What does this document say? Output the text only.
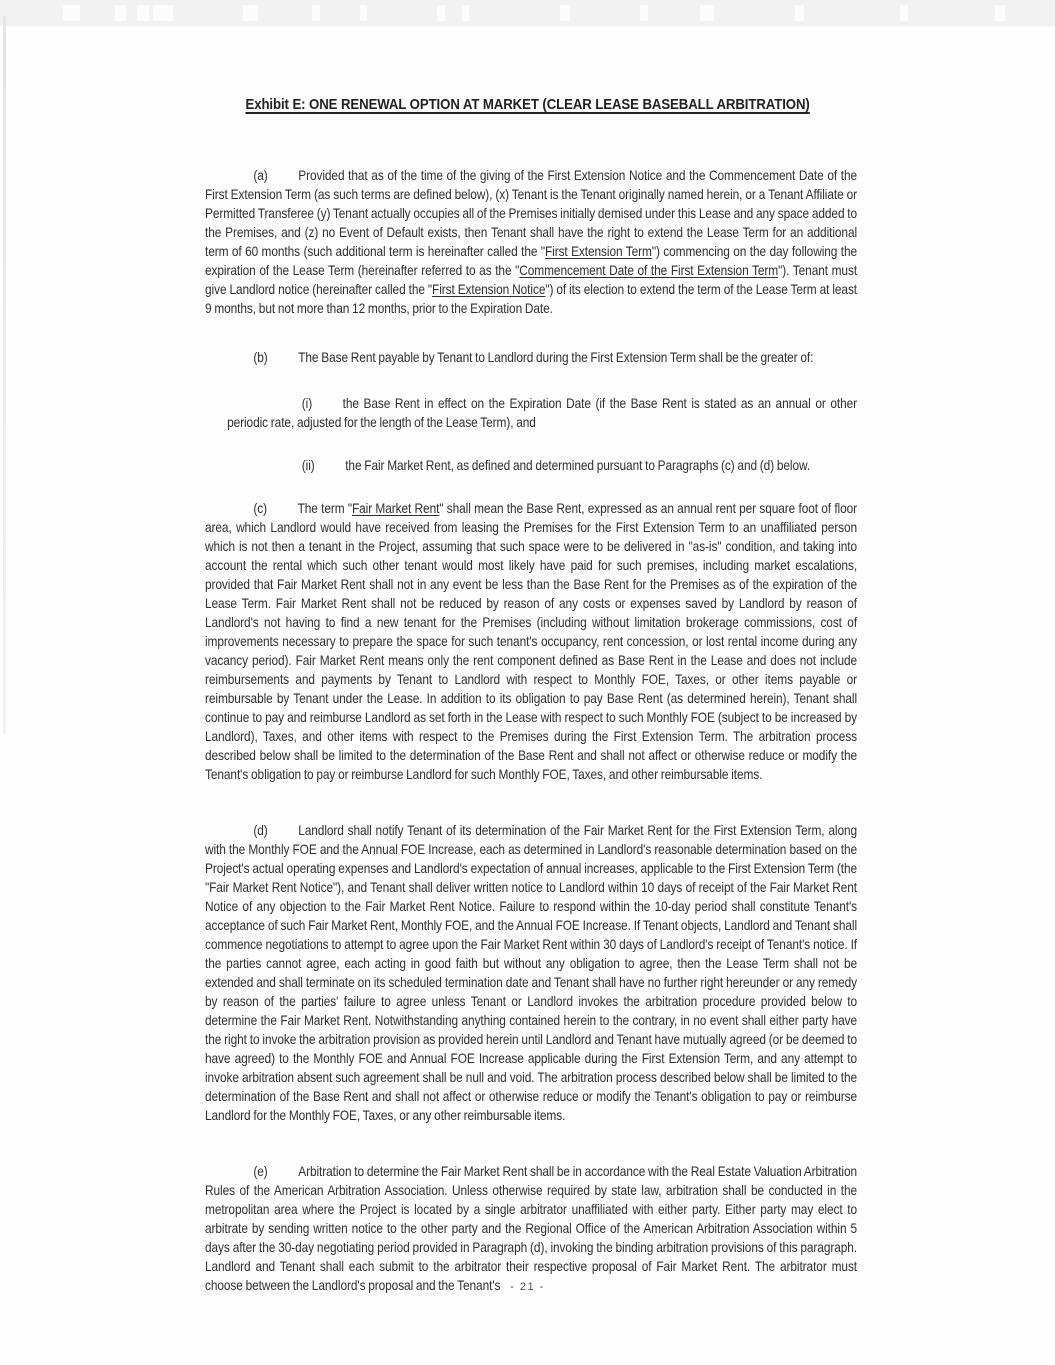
Exhibit E: ONE RENEWAL OPTION AT MARKET (CLEAR LEASE BASEBALL ARBITRATION)

(a) Provided that as of the time of the giving of the First Extension Notice and the Commencement Date of the First Extension Term (as such terms are defined below), (x) Tenant is the Tenant originally named herein, or a Tenant Affiliate or Permitted Transferee (y) Tenant actually occupies all of the Premises initially demised under this Lease and any space added to the Premises, and (z) no Event of Default exists, then Tenant shall have the right to extend the Lease Term for an additional term of 60 months (such additional term is hereinafter called the "First Extension Term") commencing on the day following the expiration of the Lease Term (hereinafter referred to as the "Commencement Date of the First Extension Term"). Tenant must give Landlord notice (hereinafter called the "First Extension Notice") of its election to extend the term of the Lease Term at least 9 months, but not more than 12 months, prior to the Expiration Date.

(b) The Base Rent payable by Tenant to Landlord during the First Extension Term shall be the greater of:

(i) the Base Rent in effect on the Expiration Date (if the Base Rent is stated as an annual or other periodic rate, adjusted for the length of the Lease Term), and

(ii) the Fair Market Rent, as defined and determined pursuant to Paragraphs (c) and (d) below.

(c) The term "Fair Market Rent" shall mean the Base Rent, expressed as an annual rent per square foot of floor area, which Landlord would have received from leasing the Premises for the First Extension Term to an unaffiliated person which is not then a tenant in the Project, assuming that such space were to be delivered in "as-is" condition, and taking into account the rental which such other tenant would most likely have paid for such premises, including market escalations, provided that Fair Market Rent shall not in any event be less than the Base Rent for the Premises as of the expiration of the Lease Term. Fair Market Rent shall not be reduced by reason of any costs or expenses saved by Landlord by reason of Landlord's not having to find a new tenant for the Premises (including without limitation brokerage commissions, cost of improvements necessary to prepare the space for such tenant's occupancy, rent concession, or lost rental income during any vacancy period). Fair Market Rent means only the rent component defined as Base Rent in the Lease and does not include reimbursements and payments by Tenant to Landlord with respect to Monthly FOE, Taxes, or other items payable or reimbursable by Tenant under the Lease. In addition to its obligation to pay Base Rent (as determined herein), Tenant shall continue to pay and reimburse Landlord as set forth in the Lease with respect to such Monthly FOE (subject to be increased by Landlord), Taxes, and other items with respect to the Premises during the First Extension Term. The arbitration process described below shall be limited to the determination of the Base Rent and shall not affect or otherwise reduce or modify the Tenant's obligation to pay or reimburse Landlord for such Monthly FOE, Taxes, and other reimbursable items.

(d) Landlord shall notify Tenant of its determination of the Fair Market Rent for the First Extension Term, along with the Monthly FOE and the Annual FOE Increase, each as determined in Landlord's reasonable determination based on the Project's actual operating expenses and Landlord's expectation of annual increases, applicable to the First Extension Term (the "Fair Market Rent Notice"), and Tenant shall deliver written notice to Landlord within 10 days of receipt of the Fair Market Rent Notice of any objection to the Fair Market Rent Notice. Failure to respond within the 10-day period shall constitute Tenant's acceptance of such Fair Market Rent, Monthly FOE, and the Annual FOE Increase. If Tenant objects, Landlord and Tenant shall commence negotiations to attempt to agree upon the Fair Market Rent within 30 days of Landlord's receipt of Tenant's notice. If the parties cannot agree, each acting in good faith but without any obligation to agree, then the Lease Term shall not be extended and shall terminate on its scheduled termination date and Tenant shall have no further right hereunder or any remedy by reason of the parties' failure to agree unless Tenant or Landlord invokes the arbitration procedure provided below to determine the Fair Market Rent. Notwithstanding anything contained herein to the contrary, in no event shall either party have the right to invoke the arbitration provision as provided herein until Landlord and Tenant have mutually agreed (or be deemed to have agreed) to the Monthly FOE and Annual FOE Increase applicable during the First Extension Term, and any attempt to invoke arbitration absent such agreement shall be null and void. The arbitration process described below shall be limited to the determination of the Base Rent and shall not affect or otherwise reduce or modify the Tenant's obligation to pay or reimburse Landlord for the Monthly FOE, Taxes, or any other reimbursable items.

(e) Arbitration to determine the Fair Market Rent shall be in accordance with the Real Estate Valuation Arbitration Rules of the American Arbitration Association. Unless otherwise required by state law, arbitration shall be conducted in the metropolitan area where the Project is located by a single arbitrator unaffiliated with either party. Either party may elect to arbitrate by sending written notice to the other party and the Regional Office of the American Arbitration Association within 5 days after the 30-day negotiating period provided in Paragraph (d), invoking the binding arbitration provisions of this paragraph. Landlord and Tenant shall each submit to the arbitrator their respective proposal of Fair Market Rent. The arbitrator must choose between the Landlord's proposal and the Tenant's - 21 -
